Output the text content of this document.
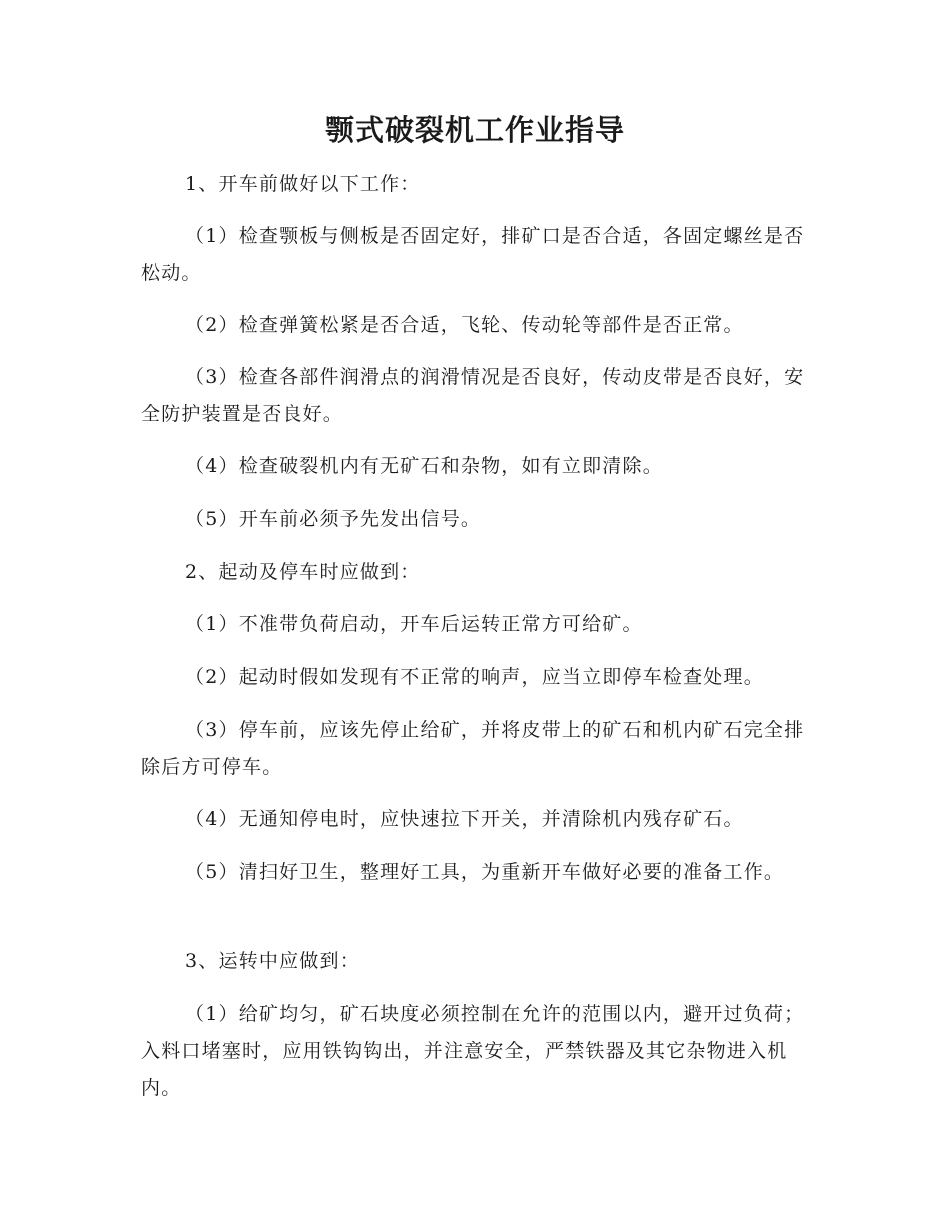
颚式破裂机工作业指导

1、开车前做好以下工作：

（1）检查颚板与侧板是否固定好，排矿口是否合适，各固定螺丝是否松动。

（2）检查弹簧松紧是否合适，飞轮、传动轮等部件是否正常。

（3）检查各部件润滑点的润滑情况是否良好，传动皮带是否良好，安全防护装置是否良好。

（4）检查破裂机内有无矿石和杂物，如有立即清除。

（5）开车前必须予先发出信号。

2、起动及停车时应做到：

（1）不准带负荷启动，开车后运转正常方可给矿。

（2）起动时假如发现有不正常的响声，应当立即停车检查处理。

（3）停车前，应该先停止给矿，并将皮带上的矿石和机内矿石完全排除后方可停车。

（4）无通知停电时，应快速拉下开关，并清除机内残存矿石。

（5）清扫好卫生，整理好工具，为重新开车做好必要的准备工作。

3、运转中应做到：

（1）给矿均匀，矿石块度必须控制在允许的范围以内，避开过负荷；入料口堵塞时，应用铁钩钩出，并注意安全，严禁铁器及其它杂物进入机内。
